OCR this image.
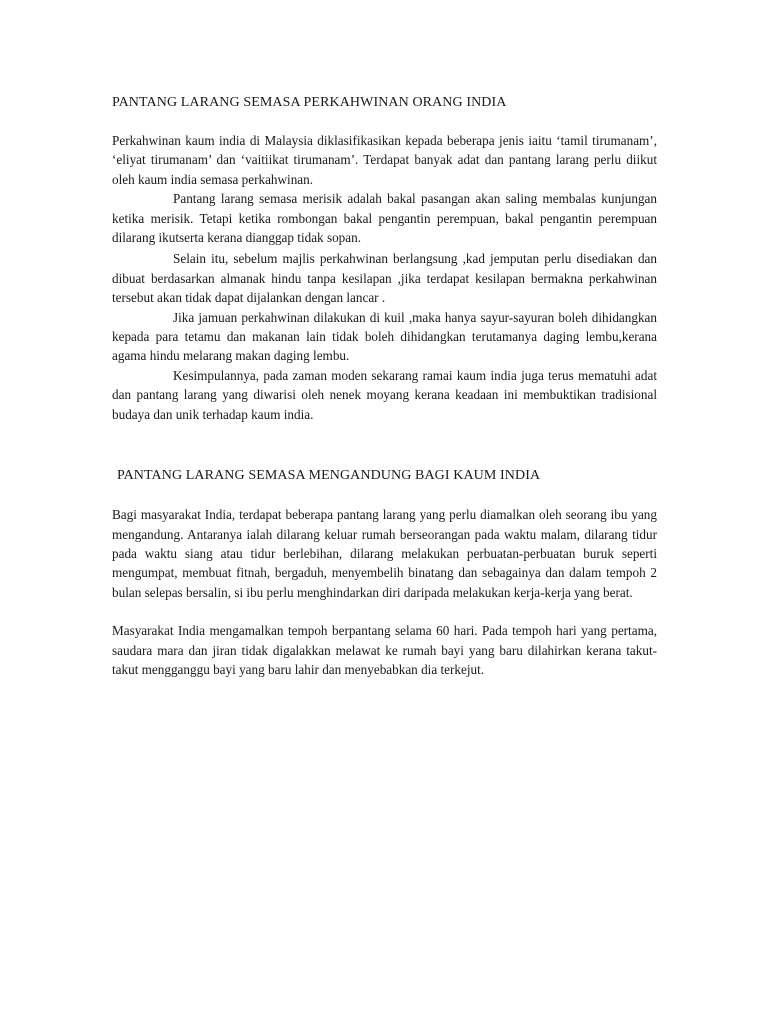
PANTANG LARANG SEMASA PERKAHWINAN ORANG INDIA

Perkahwinan kaum india di Malaysia diklasifikasikan kepada beberapa jenis iaitu ‘tamil tirumanam’, ‘eliyat tirumanam’ dan ‘vaitiikat tirumanam’. Terdapat banyak adat dan pantang larang perlu diikut oleh kaum india semasa perkahwinan.

Pantang larang semasa merisik adalah bakal pasangan akan saling membalas kunjungan ketika merisik. Tetapi ketika rombongan bakal pengantin perempuan, bakal pengantin perempuan dilarang ikutserta kerana dianggap tidak sopan.

Selain itu, sebelum majlis perkahwinan berlangsung ,kad jemputan perlu disediakan dan dibuat berdasarkan almanak hindu tanpa kesilapan ,jika terdapat kesilapan bermakna perkahwinan tersebut akan tidak dapat dijalankan dengan lancar .

Jika jamuan perkahwinan dilakukan di kuil ,maka hanya sayur-sayuran boleh dihidangkan kepada para tetamu dan makanan lain tidak boleh dihidangkan terutamanya daging lembu,kerana agama hindu melarang makan daging lembu.

Kesimpulannya, pada zaman moden sekarang ramai kaum india juga terus mematuhi adat dan pantang larang yang diwarisi oleh nenek moyang kerana keadaan ini membuktikan tradisional budaya dan unik terhadap kaum india.

PANTANG LARANG SEMASA MENGANDUNG BAGI KAUM INDIA

Bagi masyarakat India, terdapat beberapa pantang larang yang perlu diamalkan oleh seorang ibu yang mengandung. Antaranya ialah dilarang keluar rumah berseorangan pada waktu malam, dilarang tidur pada waktu siang atau tidur berlebihan, dilarang melakukan perbuatan-perbuatan buruk seperti mengumpat, membuat fitnah, bergaduh, menyembelih binatang dan sebagainya dan dalam tempoh 2 bulan selepas bersalin, si ibu perlu menghindarkan diri daripada melakukan kerja-kerja yang berat.

Masyarakat India mengamalkan tempoh berpantang selama 60 hari. Pada tempoh hari yang pertama, saudara mara dan jiran tidak digalakkan melawat ke rumah bayi yang baru dilahirkan kerana takut-takut mengganggu bayi yang baru lahir dan menyebabkan dia terkejut.
